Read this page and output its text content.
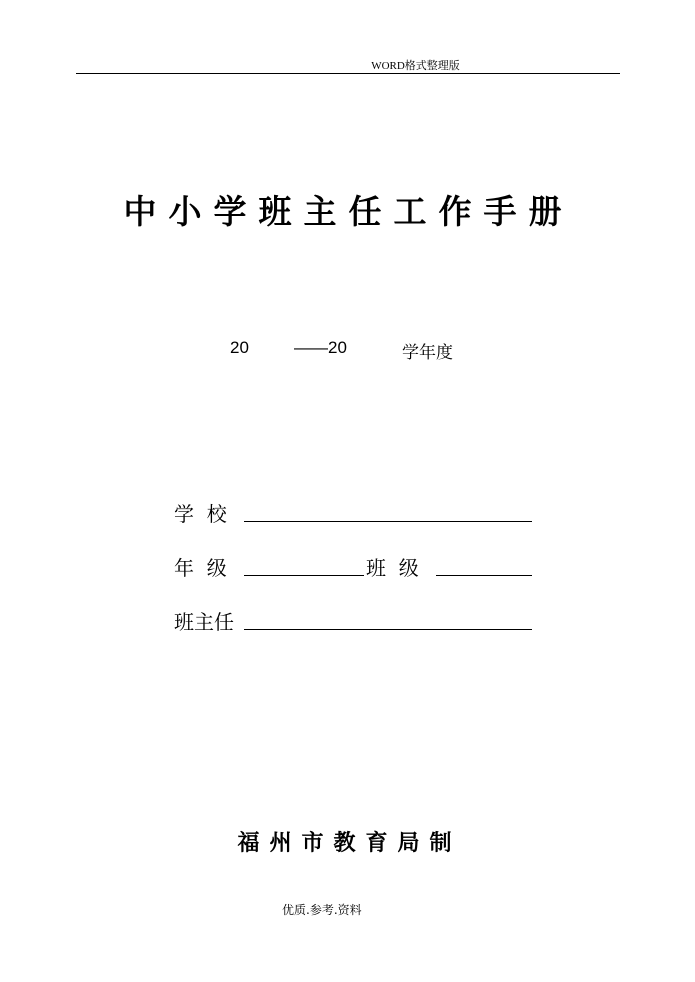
WORD格式整理版
中小学班主任工作手册
20	——20	学年度
学  校
年  级	班  级
班主任
福州市教育局制
优质.参考.资料
